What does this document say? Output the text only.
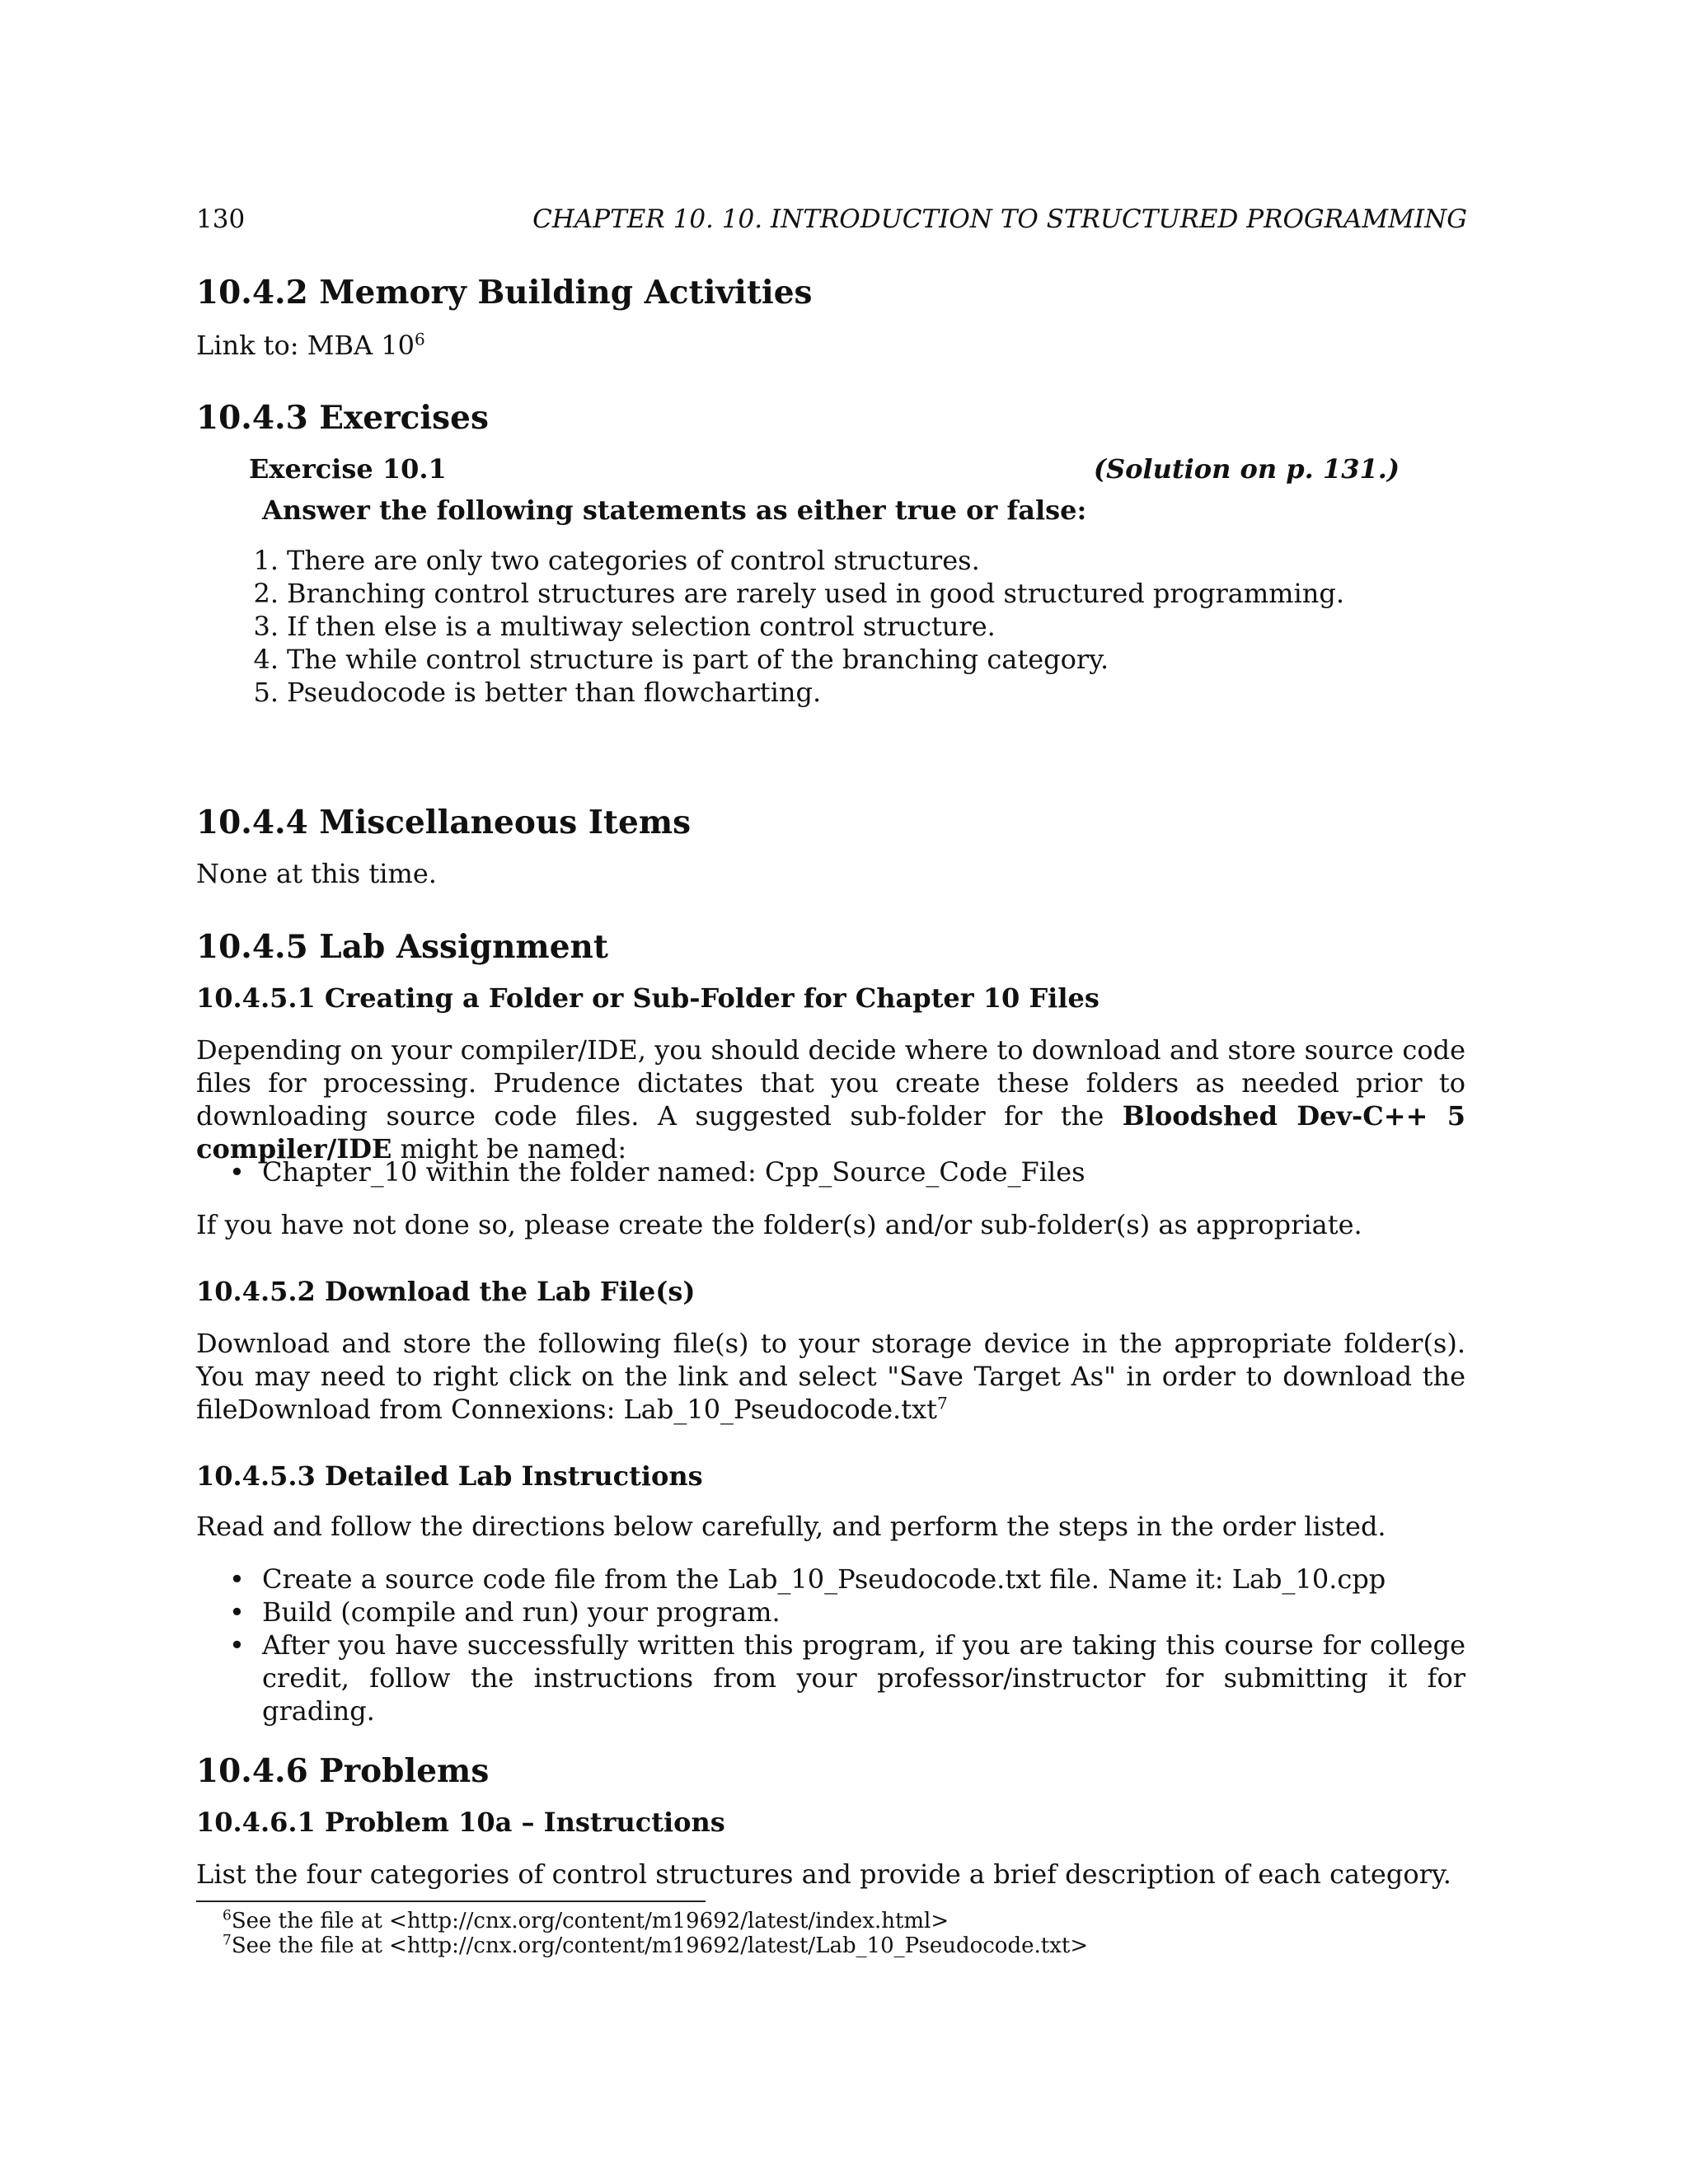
130	CHAPTER 10. 10. INTRODUCTION TO STRUCTURED PROGRAMMING
10.4.2 Memory Building Activities
Link to: MBA $10^6$
10.4.3 Exercises
Exercise 10.1	(Solution on p. 131.)
Answer the following statements as either true or false:
1. There are only two categories of control structures.
2. Branching control structures are rarely used in good structured programming.
3. If then else is a multiway selection control structure.
4. The while control structure is part of the branching category.
5. Pseudocode is better than flowcharting.
10.4.4 Miscellaneous Items
None at this time.
10.4.5 Lab Assignment
10.4.5.1 Creating a Folder or Sub-Folder for Chapter 10 Files
Depending on your compiler/IDE, you should decide where to download and store source code files for processing. Prudence dictates that you create these folders as needed prior to downloading source code files. A suggested sub-folder for the Bloodshed Dev-C++ 5 compiler/IDE might be named:
• Chapter_10 within the folder named: Cpp_Source_Code_Files
If you have not done so, please create the folder(s) and/or sub-folder(s) as appropriate.
10.4.5.2 Download the Lab File(s)
Download and store the following file(s) to your storage device in the appropriate folder(s). You may need to right click on the link and select "Save Target As" in order to download the file.
Download from Connexions: Lab_10_Pseudocode.txt$^7$
10.4.5.3 Detailed Lab Instructions
Read and follow the directions below carefully, and perform the steps in the order listed.
• Create a source code file from the Lab_10_Pseudocode.txt file. Name it: Lab_10.cpp
• Build (compile and run) your program.
• After you have successfully written this program, if you are taking this course for college credit, follow the instructions from your professor/instructor for submitting it for grading.
10.4.6 Problems
10.4.6.1 Problem 10a – Instructions
List the four categories of control structures and provide a brief description of each category.
$^6$See the file at <http://cnx.org/content/m19692/latest/index.html>
$^7$See the file at <http://cnx.org/content/m19692/latest/Lab_10_Pseudocode.txt>
